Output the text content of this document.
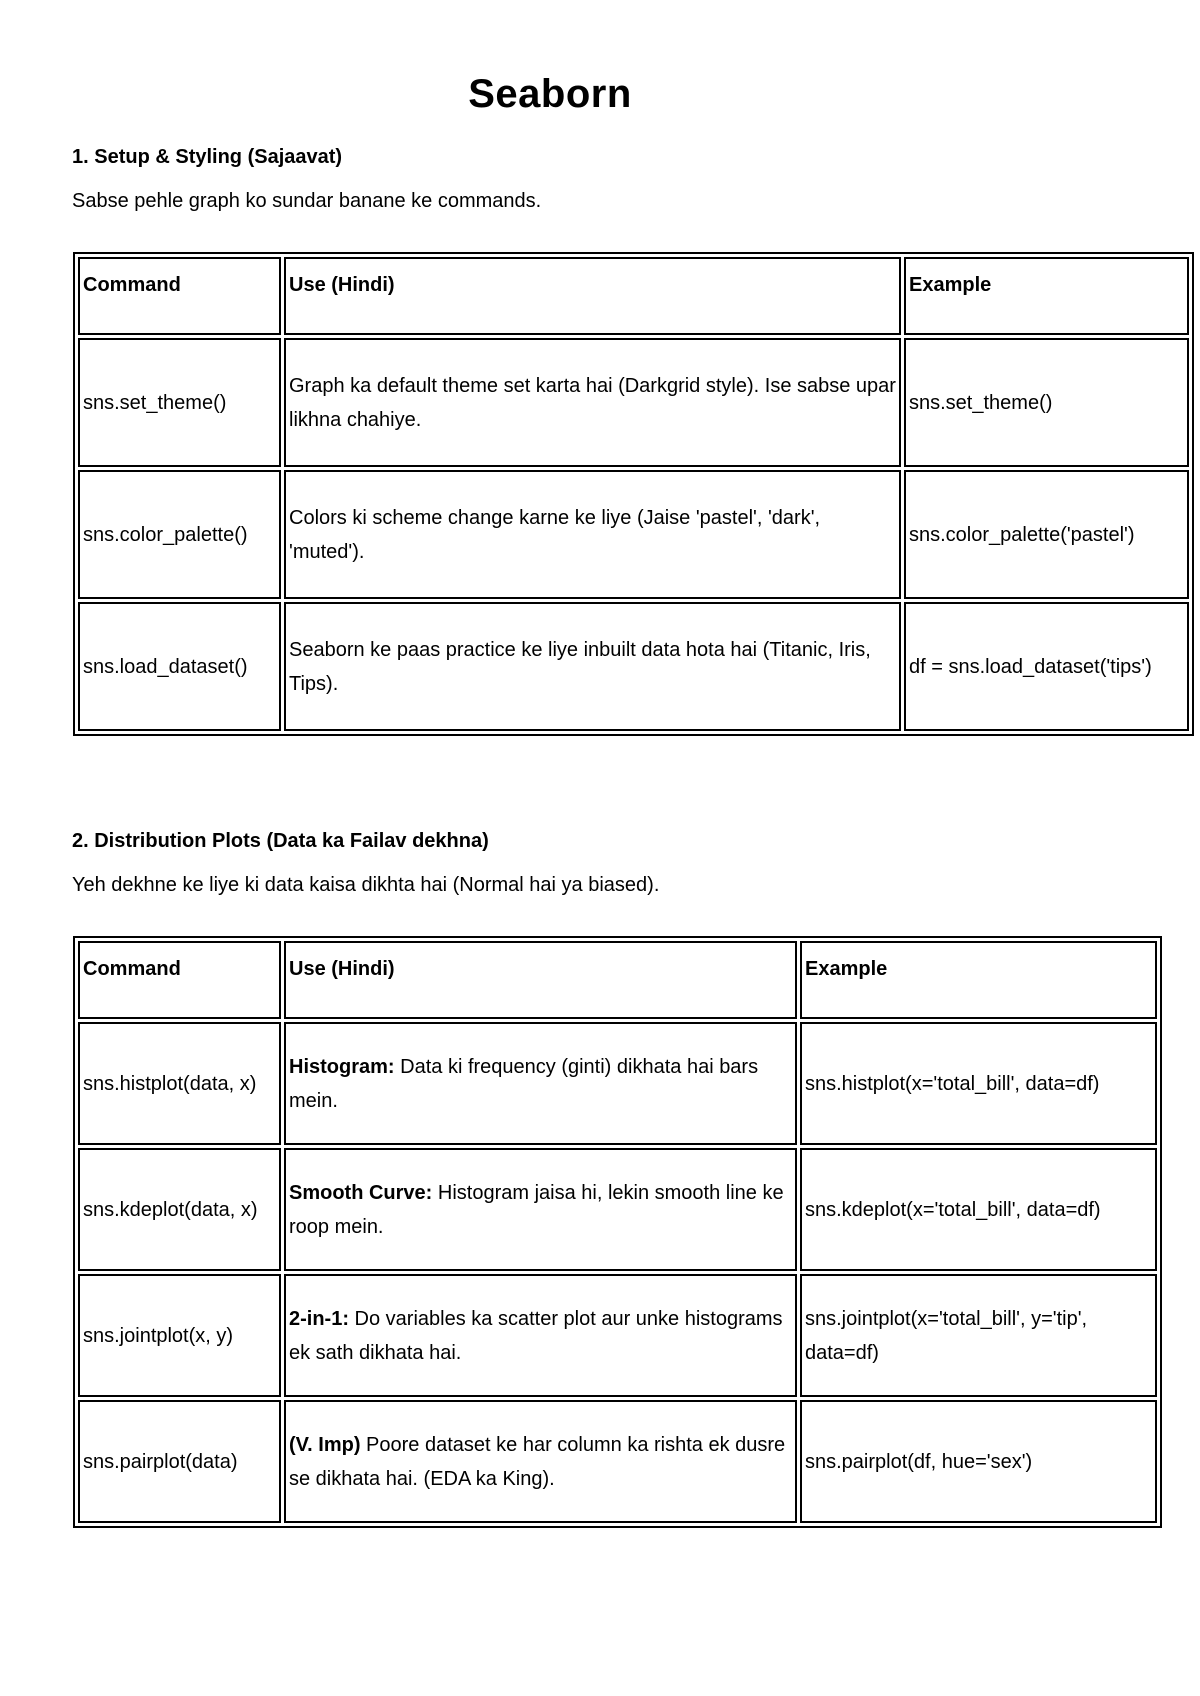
Seaborn
1. Setup & Styling (Sajaavat)
Sabse pehle graph ko sundar banane ke commands.
Command	Use (Hindi)	Example
sns.set_theme()	Graph ka default theme set karta hai (Darkgrid style). Ise sabse upar likhna chahiye.	sns.set_theme()
sns.color_palette()	Colors ki scheme change karne ke liye (Jaise 'pastel', 'dark', 'muted').	sns.color_palette('pastel')
sns.load_dataset()	Seaborn ke paas practice ke liye inbuilt data hota hai (Titanic, Iris, Tips).	df = sns.load_dataset('tips')
2. Distribution Plots (Data ka Failav dekhna)
Yeh dekhne ke liye ki data kaisa dikhta hai (Normal hai ya biased).
Command	Use (Hindi)	Example
sns.histplot(data, x)	Histogram: Data ki frequency (ginti) dikhata hai bars mein.	sns.histplot(x='total_bill', data=df)
sns.kdeplot(data, x)	Smooth Curve: Histogram jaisa hi, lekin smooth line ke roop mein.	sns.kdeplot(x='total_bill', data=df)
sns.jointplot(x, y)	2-in-1: Do variables ka scatter plot aur unke histograms ek sath dikhata hai.	sns.jointplot(x='total_bill', y='tip', data=df)
sns.pairplot(data)	(V. Imp) Poore dataset ke har column ka rishta ek dusre se dikhata hai. (EDA ka King).	sns.pairplot(df, hue='sex')
